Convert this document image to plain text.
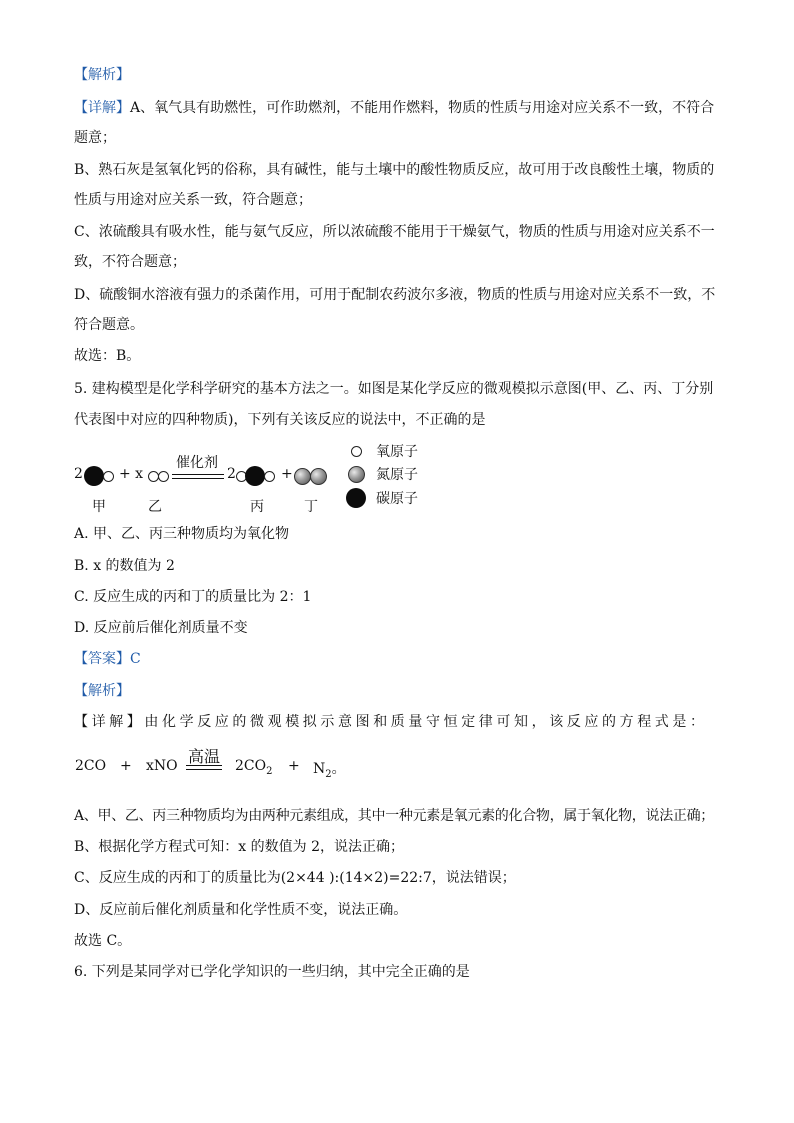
【解析】
【详解】A、氧气具有助燃性，可作助燃剂，不能用作燃料，物质的性质与用途对应关系不一致，不符合
题意；
B、熟石灰是氢氧化钙的俗称，具有碱性，能与土壤中的酸性物质反应，故可用于改良酸性土壤，物质的
性质与用途对应关系一致，符合题意；
C、浓硫酸具有吸水性，能与氨气反应，所以浓硫酸不能用于干燥氨气，物质的性质与用途对应关系不一
致，不符合题意；
D、硫酸铜水溶液有强力的杀菌作用，可用于配制农药波尔多液，物质的性质与用途对应关系不一致，不
符合题意。
故选：B。
5. 建构模型是化学科学研究的基本方法之一。如图是某化学反应的微观模拟示意图(甲、乙、丙、丁分别
代表图中对应的四种物质)，下列有关该反应的说法中，不正确的是
2	+ x
催化剂
2	+
甲	乙	丙	丁
氧原子
氮原子
碳原子
A. 甲、乙、丙三种物质均为氧化物
B. x 的数值为 2
C. 反应生成的丙和丁的质量比为 2：1
D. 反应前后催化剂质量不变
【答案】C
【解析】
【详解】由化学反应的微观模拟示意图和质量守恒定律可知，该反应的方程式是：
2CO + xNO 高温 $2CO_2 + N_2$。
A、甲、乙、丙三种物质均为由两种元素组成，其中一种元素是氧元素的化合物，属于氧化物，说法正确；
B、根据化学方程式可知：x 的数值为 2，说法正确；
C、反应生成的丙和丁的质量比为(2×44 ):(14×2)=22:7，说法错误；
D、反应前后催化剂质量和化学性质不变，说法正确。
故选 C。
6. 下列是某同学对已学化学知识的一些归纳，其中完全正确的是
